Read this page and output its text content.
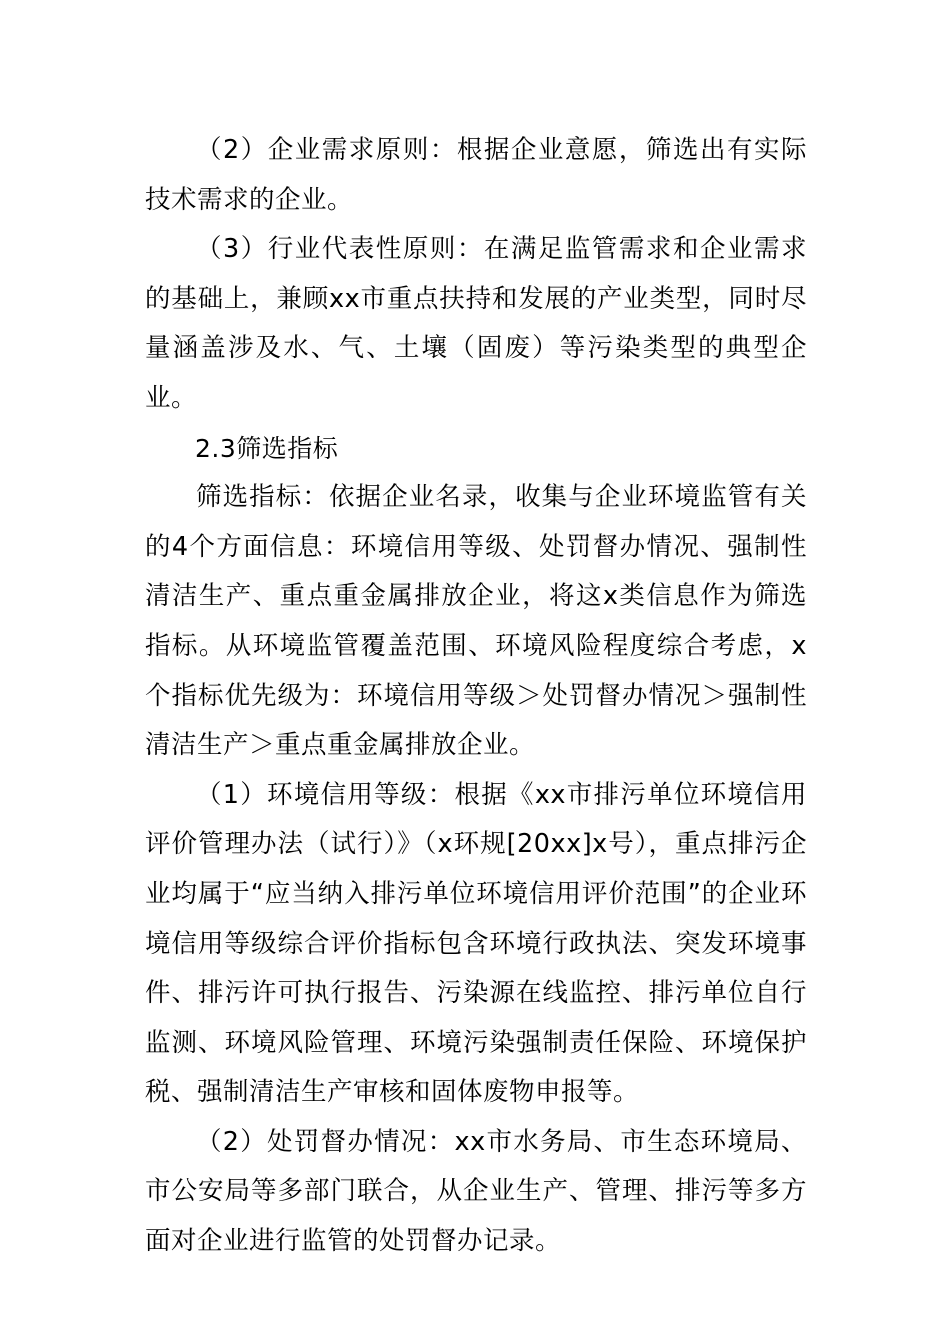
（2）企业需求原则：根据企业意愿，筛选出有实际技术需求的企业。

（3）行业代表性原则：在满足监管需求和企业需求的基础上，兼顾xx市重点扶持和发展的产业类型，同时尽量涵盖涉及水、气、土壤（固废）等污染类型的典型企业。

2.3筛选指标

筛选指标：依据企业名录，收集与企业环境监管有关的4个方面信息：环境信用等级、处罚督办情况、强制性清洁生产、重点重金属排放企业，将这x类信息作为筛选指标。从环境监管覆盖范围、环境风险程度综合考虑，x个指标优先级为：环境信用等级＞处罚督办情况＞强制性清洁生产＞重点重金属排放企业。

（1）环境信用等级：根据《xx市排污单位环境信用评价管理办法（试行）》（x环规[20xx]x号），重点排污企业均属于“应当纳入排污单位环境信用评价范围”的企业环境信用等级综合评价指标包含环境行政执法、突发环境事件、排污许可执行报告、污染源在线监控、排污单位自行监测、环境风险管理、环境污染强制责任保险、环境保护税、强制清洁生产审核和固体废物申报等。

（2）处罚督办情况：xx市水务局、市生态环境局、市公安局等多部门联合，从企业生产、管理、排污等多方面对企业进行监管的处罚督办记录。
